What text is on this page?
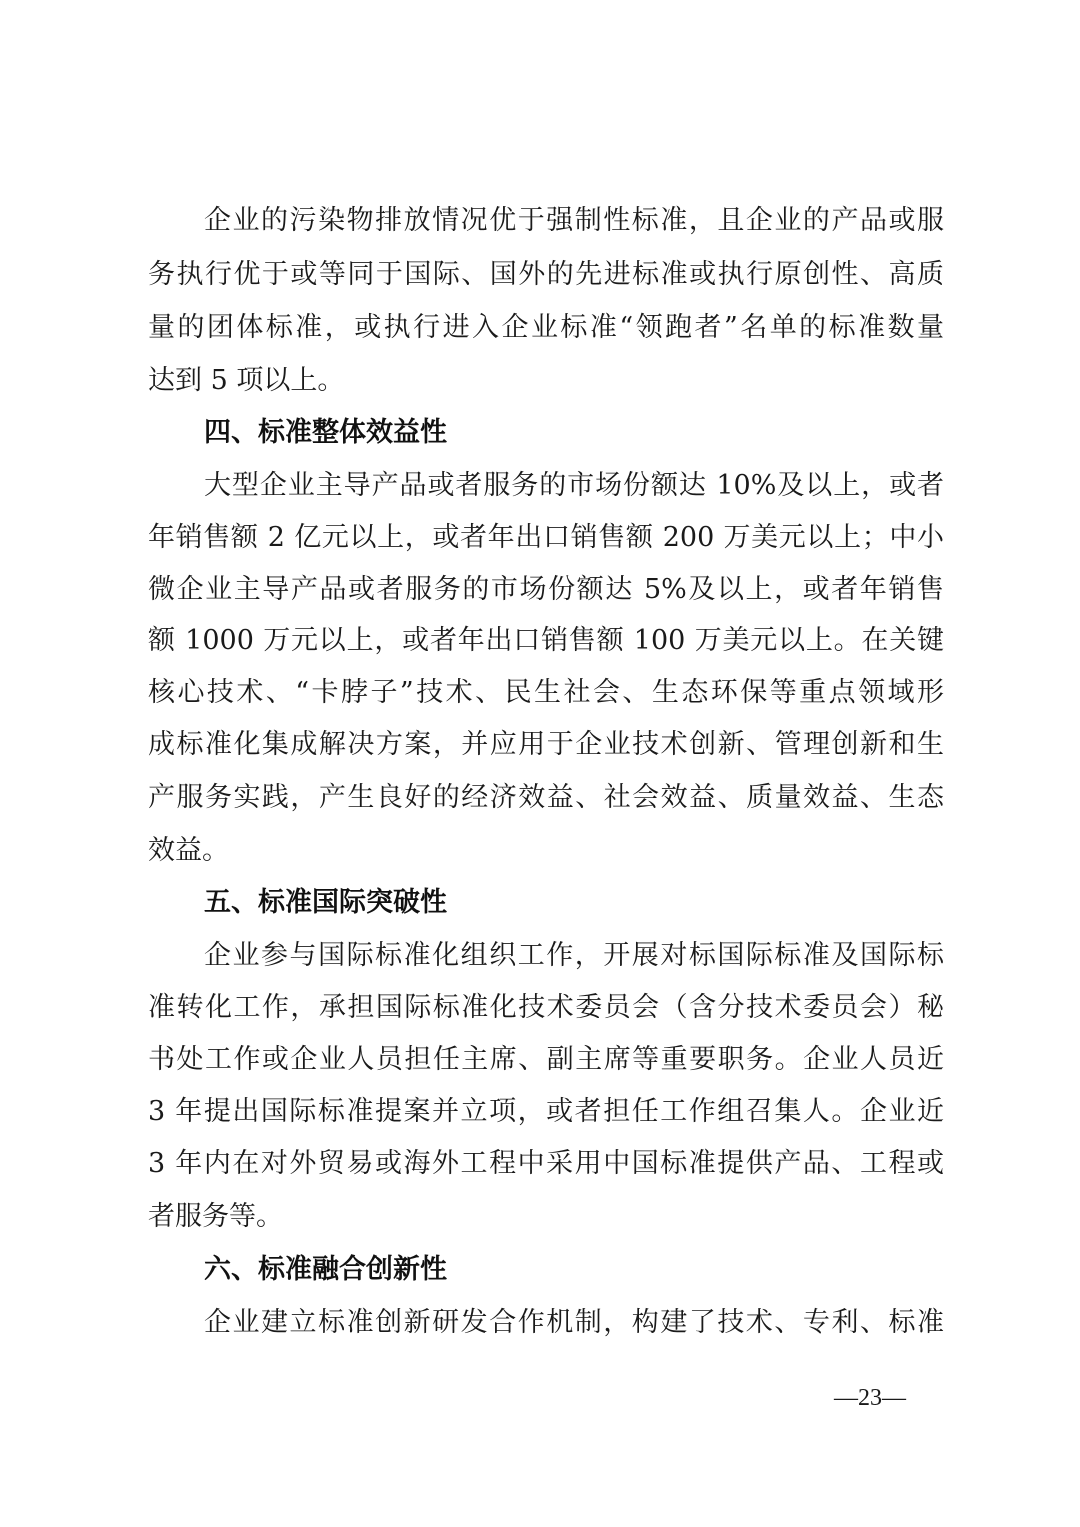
企业的污染物排放情况优于强制性标准，且企业的产品或服
务执行优于或等同于国际、国外的先进标准或执行原创性、高质
量的团体标准，或执行进入企业标准“领跑者”名单的标准数量
达到 5 项以上。
四、标准整体效益性
大型企业主导产品或者服务的市场份额达 10%及以上，或者
年销售额 2 亿元以上，或者年出口销售额 200 万美元以上；中小
微企业主导产品或者服务的市场份额达 5%及以上，或者年销售
额 1000 万元以上，或者年出口销售额 100 万美元以上。在关键
核心技术、“卡脖子”技术、民生社会、生态环保等重点领域形
成标准化集成解决方案，并应用于企业技术创新、管理创新和生
产服务实践，产生良好的经济效益、社会效益、质量效益、生态
效益。
五、标准国际突破性
企业参与国际标准化组织工作，开展对标国际标准及国际标
准转化工作，承担国际标准化技术委员会（含分技术委员会）秘
书处工作或企业人员担任主席、副主席等重要职务。企业人员近
3 年提出国际标准提案并立项，或者担任工作组召集人。企业近
3 年内在对外贸易或海外工程中采用中国标准提供产品、工程或
者服务等。
六、标准融合创新性
企业建立标准创新研发合作机制，构建了技术、专利、标准
—23—
